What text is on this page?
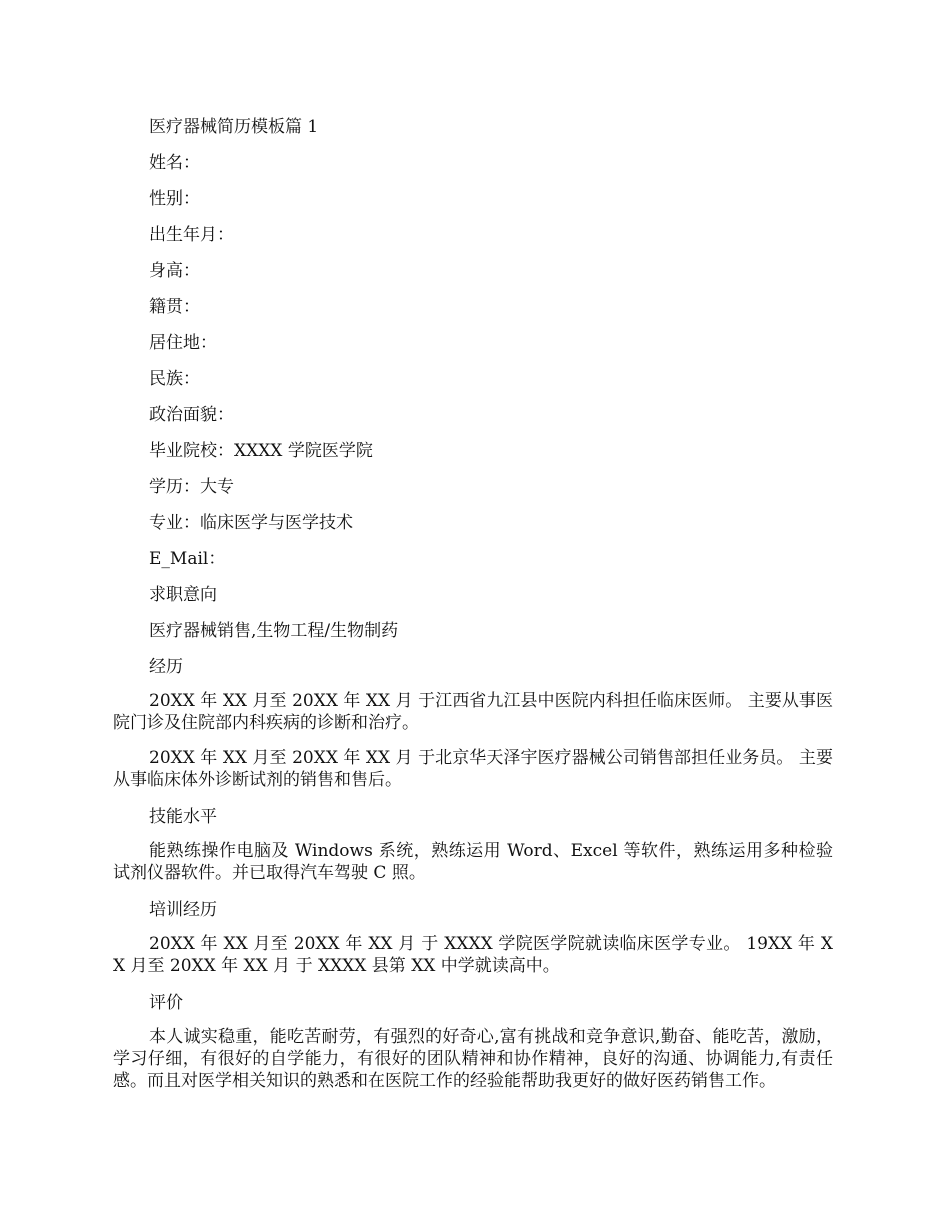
医疗器械简历模板篇 1
姓名：
性别：
出生年月：
身高：
籍贯：
居住地：
民族：
政治面貌：
毕业院校：XXXX 学院医学院
学历：大专
专业：临床医学与医学技术
E_Mail：
求职意向
医疗器械销售,生物工程/生物制药
经历
20XX 年 XX 月至 20XX 年 XX 月 于江西省九江县中医院内科担任临床医师。 主要从事医院门诊及住院部内科疾病的诊断和治疗。
20XX 年 XX 月至 20XX 年 XX 月 于北京华天泽宇医疗器械公司销售部担任业务员。 主要从事临床体外诊断试剂的销售和售后。
技能水平
能熟练操作电脑及 Windows 系统，熟练运用 Word、Excel 等软件，熟练运用多种检验试剂仪器软件。并已取得汽车驾驶 C 照。
培训经历
20XX 年 XX 月至 20XX 年 XX 月 于 XXXX 学院医学院就读临床医学专业。 19XX 年 XX 月至 20XX 年 XX 月 于 XXXX 县第 XX 中学就读高中。
评价
本人诚实稳重，能吃苦耐劳，有强烈的好奇心,富有挑战和竞争意识,勤奋、能吃苦，激励，学习仔细，有很好的自学能力，有很好的团队精神和协作精神，良好的沟通、协调能力,有责任感。而且对医学相关知识的熟悉和在医院工作的经验能帮助我更好的做好医药销售工作。
